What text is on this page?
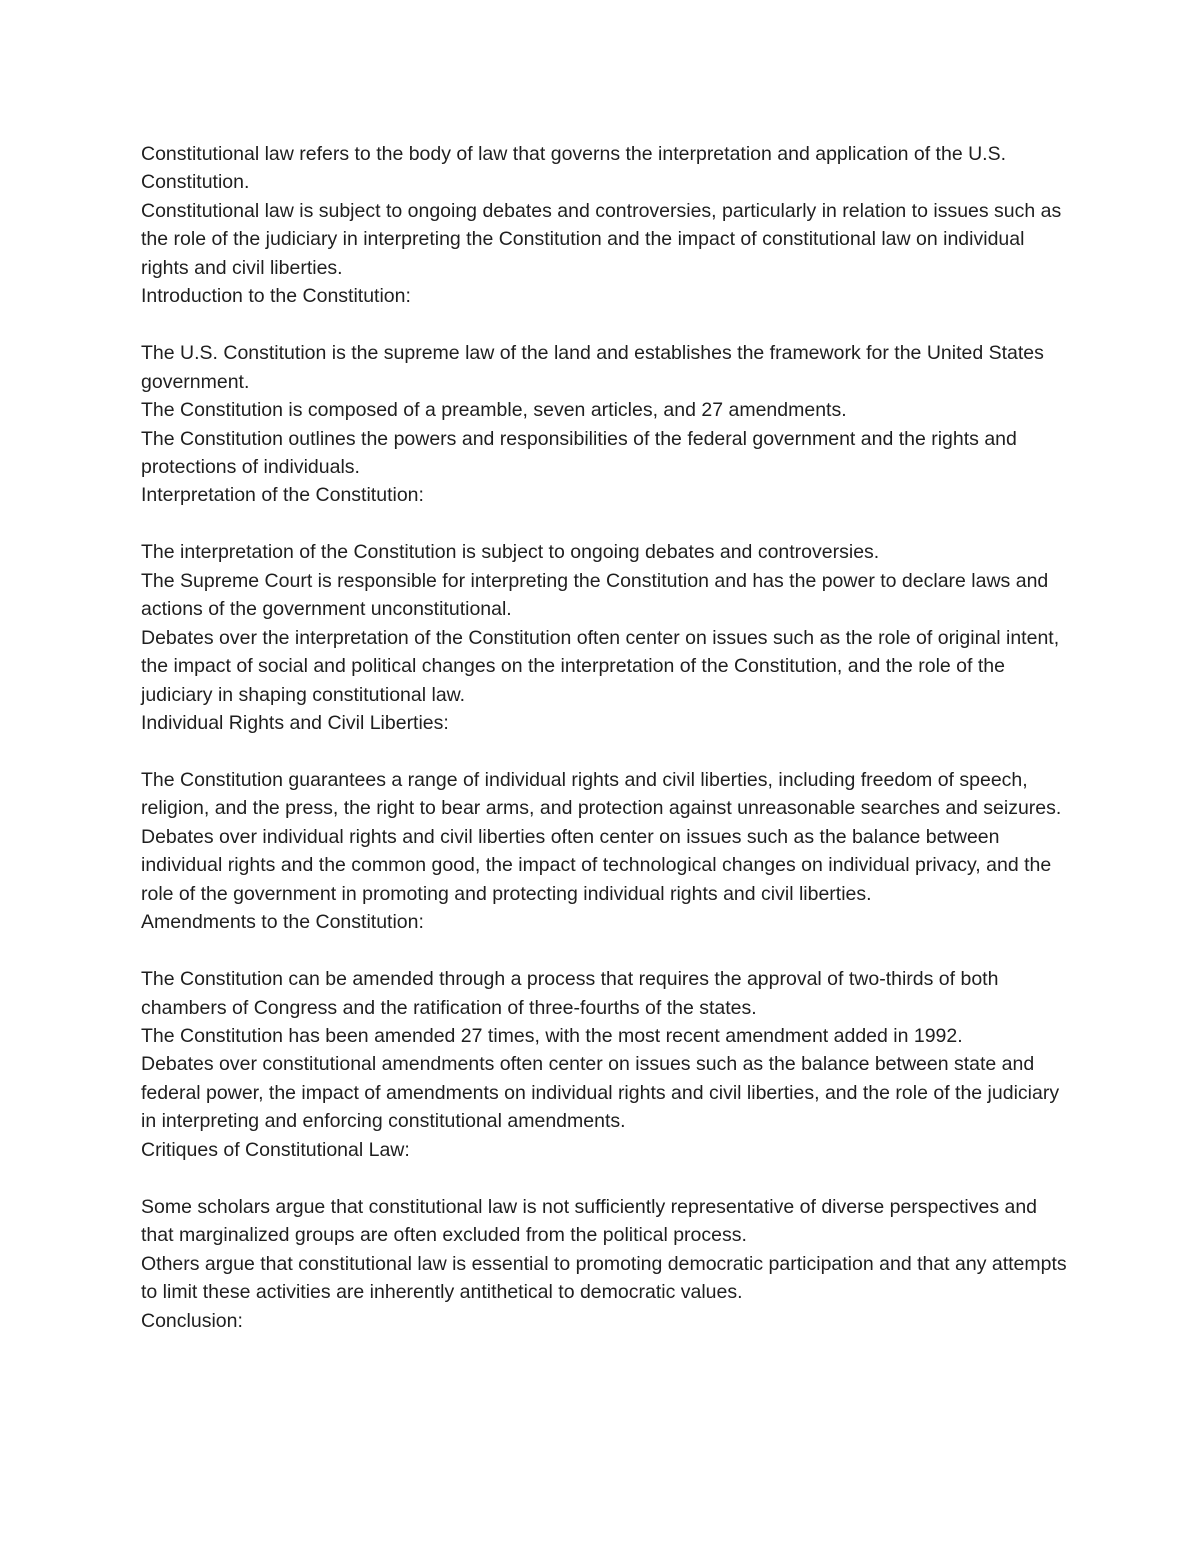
Constitutional law refers to the body of law that governs the interpretation and application of the U.S. Constitution.

Constitutional law is subject to ongoing debates and controversies, particularly in relation to issues such as the role of the judiciary in interpreting the Constitution and the impact of constitutional law on individual rights and civil liberties.

Introduction to the Constitution:

The U.S. Constitution is the supreme law of the land and establishes the framework for the United States government.

The Constitution is composed of a preamble, seven articles, and 27 amendments.

The Constitution outlines the powers and responsibilities of the federal government and the rights and protections of individuals.

Interpretation of the Constitution:

The interpretation of the Constitution is subject to ongoing debates and controversies.

The Supreme Court is responsible for interpreting the Constitution and has the power to declare laws and actions of the government unconstitutional.

Debates over the interpretation of the Constitution often center on issues such as the role of original intent, the impact of social and political changes on the interpretation of the Constitution, and the role of the judiciary in shaping constitutional law.

Individual Rights and Civil Liberties:

The Constitution guarantees a range of individual rights and civil liberties, including freedom of speech, religion, and the press, the right to bear arms, and protection against unreasonable searches and seizures.

Debates over individual rights and civil liberties often center on issues such as the balance between individual rights and the common good, the impact of technological changes on individual privacy, and the role of the government in promoting and protecting individual rights and civil liberties.

Amendments to the Constitution:

The Constitution can be amended through a process that requires the approval of two-thirds of both chambers of Congress and the ratification of three-fourths of the states.

The Constitution has been amended 27 times, with the most recent amendment added in 1992.

Debates over constitutional amendments often center on issues such as the balance between state and federal power, the impact of amendments on individual rights and civil liberties, and the role of the judiciary in interpreting and enforcing constitutional amendments.

Critiques of Constitutional Law:

Some scholars argue that constitutional law is not sufficiently representative of diverse perspectives and that marginalized groups are often excluded from the political process.

Others argue that constitutional law is essential to promoting democratic participation and that any attempts to limit these activities are inherently antithetical to democratic values.

Conclusion:
